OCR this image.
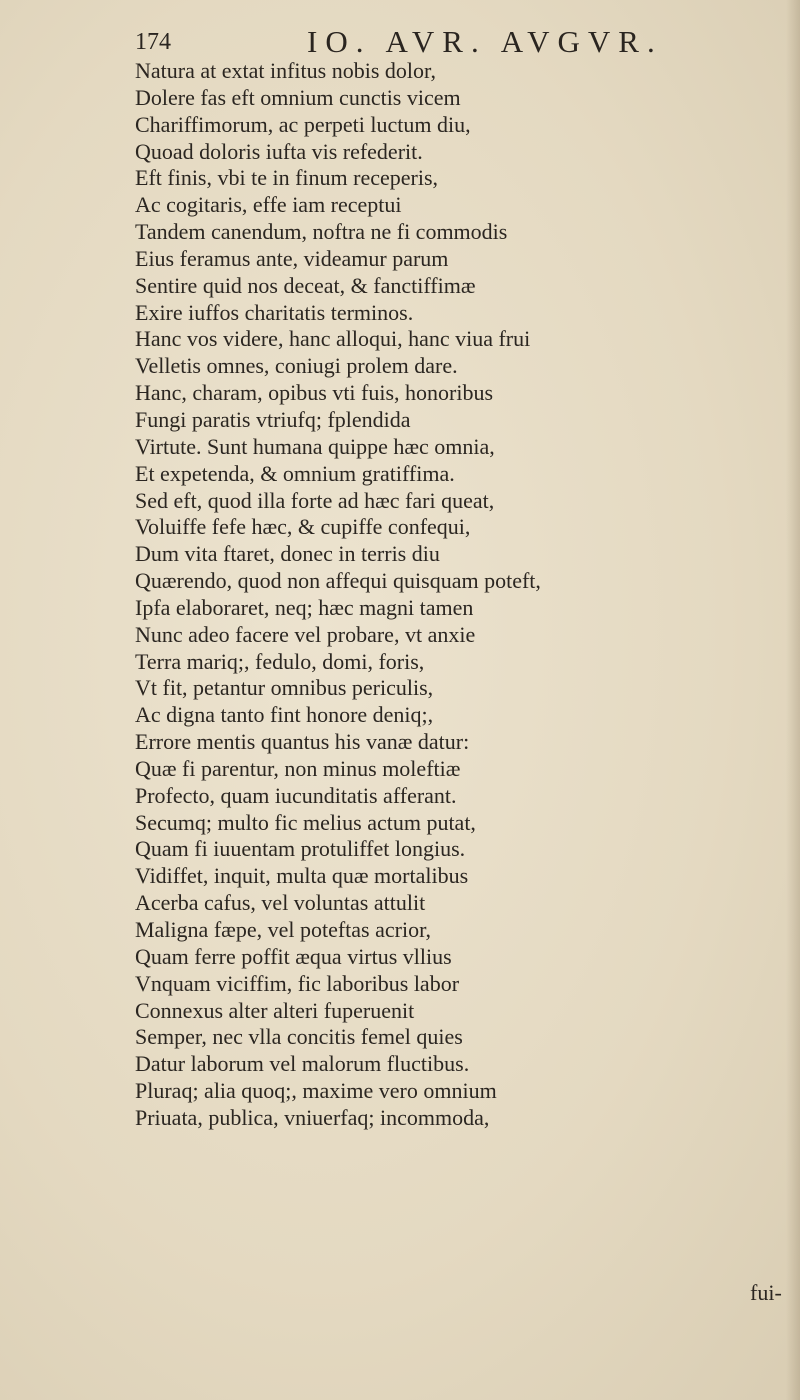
174	IO. AVR. AVGVR.
Natura at extat infitus nobis dolor,
Dolere fas eft omnium cunctis vicem
Chariffimorum, ac perpeti luctum diu,
Quoad doloris iufta vis refederit.
Eft finis, vbi te in finum receperis,
Ac cogitaris, effe iam receptui
Tandem canendum, noftra ne fi commodis
Eius feramus ante, videamur parum
Sentire quid nos deceat, & fanctiffimæ
Exire iuffos charitatis terminos.
Hanc vos videre, hanc alloqui, hanc viua frui
Velletis omnes, coniugi prolem dare.
Hanc, charam, opibus vti fuis, honoribus
Fungi paratis vtriufq; fplendida
Virtute. Sunt humana quippe hæc omnia,
Et expetenda, & omnium gratiffima.
Sed eft, quod illa forte ad hæc fari queat,
Voluiffe fefe hæc, & cupiffe confequi,
Dum vita ftaret, donec in terris diu
Quærendo, quod non affequi quisquam poteft,
Ipfa elaboraret, neq; hæc magni tamen
Nunc adeo facere vel probare, vt anxie
Terra mariq;, fedulo, domi, foris,
Vt fit, petantur omnibus periculis,
Ac digna tanto fint honore deniq;,
Errore mentis quantus his vanæ datur:
Quæ fi parentur, non minus moleftiæ
Profecto, quam iucunditatis afferant.
Secumq; multo fic melius actum putat,
Quam fi iuuentam protuliffet longius.
Vidiffet, inquit, multa quæ mortalibus
Acerba cafus, vel voluntas attulit
Maligna fæpe, vel poteftas acrior,
Quam ferre poffit æqua virtus vllius
Vnquam viciffim, fic laboribus labor
Connexus alter alteri fuperuenit
Semper, nec vlla concitis femel quies
Datur laborum vel malorum fluctibus.
Pluraq; alia quoq;, maxime vero omnium
Priuata, publica, vniuerfaq; incommoda,
fui-
